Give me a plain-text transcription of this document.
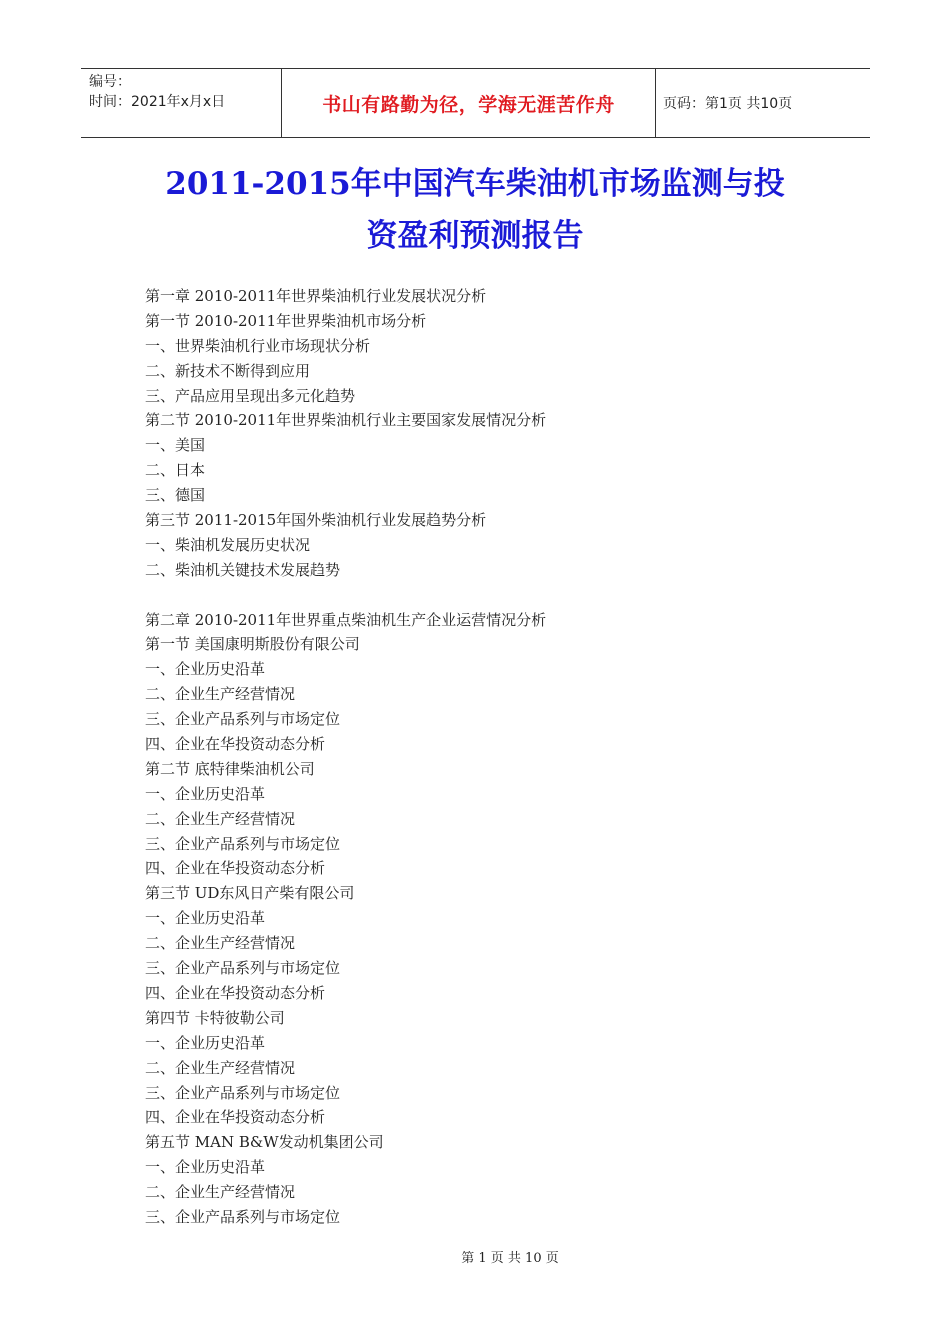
编号：
时间：2021年x月x日	书山有路勤为径，学海无涯苦作舟	页码：第1页 共10页
2011-2015年中国汽车柴油机市场监测与投
资盈利预测报告
第一章 2010-2011年世界柴油机行业发展状况分析
第一节 2010-2011年世界柴油机市场分析
一、世界柴油机行业市场现状分析
二、新技术不断得到应用
三、产品应用呈现出多元化趋势
第二节 2010-2011年世界柴油机行业主要国家发展情况分析
一、美国
二、日本
三、德国
第三节 2011-2015年国外柴油机行业发展趋势分析
一、柴油机发展历史状况
二、柴油机关键技术发展趋势
第二章 2010-2011年世界重点柴油机生产企业运营情况分析
第一节 美国康明斯股份有限公司
一、企业历史沿革
二、企业生产经营情况
三、企业产品系列与市场定位
四、企业在华投资动态分析
第二节 底特律柴油机公司
一、企业历史沿革
二、企业生产经营情况
三、企业产品系列与市场定位
四、企业在华投资动态分析
第三节 UD东风日产柴有限公司
一、企业历史沿革
二、企业生产经营情况
三、企业产品系列与市场定位
四、企业在华投资动态分析
第四节 卡特彼勒公司
一、企业历史沿革
二、企业生产经营情况
三、企业产品系列与市场定位
四、企业在华投资动态分析
第五节 MAN B&W发动机集团公司
一、企业历史沿革
二、企业生产经营情况
三、企业产品系列与市场定位
第 1 页 共 10 页
